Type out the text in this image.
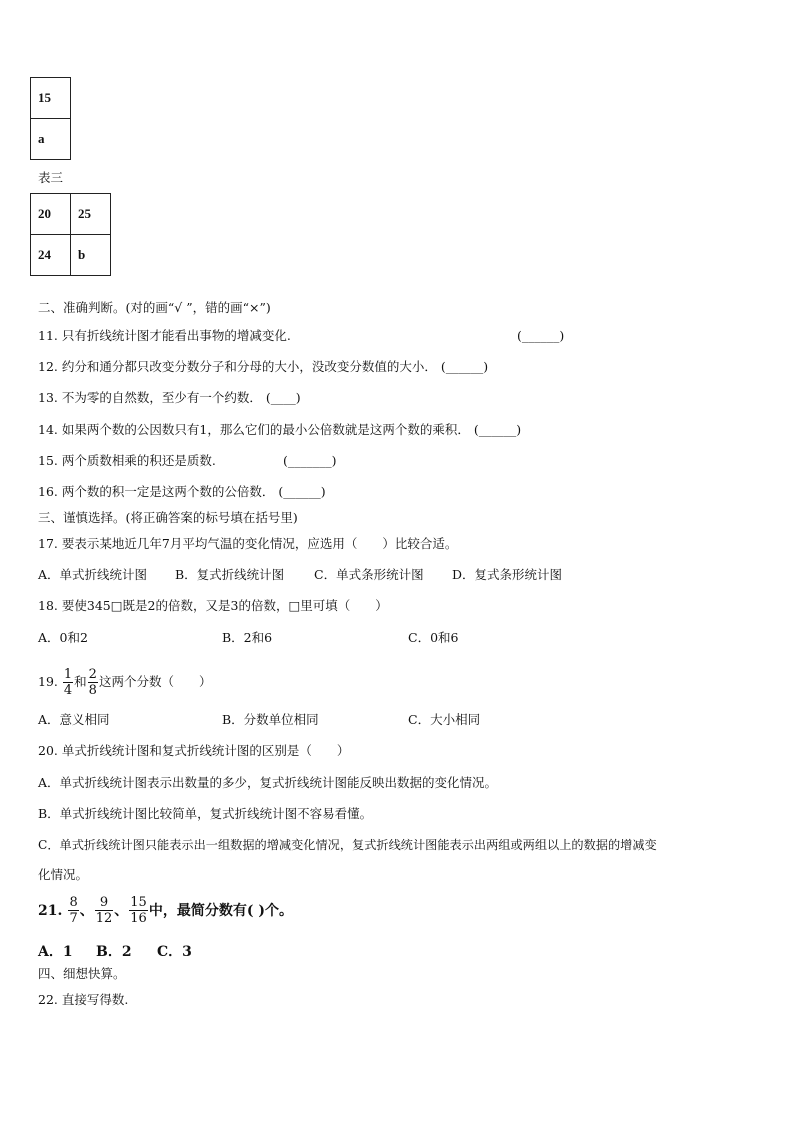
15
a
表三
20	25
24	b
二、准确判断。(对的画“√ ”，错的画“×”)
11. 只有折线统计图才能看出事物的增减变化.	(______)
12. 约分和通分都只改变分数分子和分母的大小，没改变分数值的大小． (______)
13. 不为零的自然数，至少有一个约数． (____)
14. 如果两个数的公因数只有1，那么它们的最小公倍数就是这两个数的乘积． (______)
15. 两个质数相乘的积还是质数.	(_______)
16. 两个数的积一定是这两个数的公倍数． (______)
三、谨慎选择。(将正确答案的标号填在括号里)
17. 要表示某地近几年7月平均气温的变化情况，应选用（　　）比较合适。
A．单式折线统计图 B．复式折线统计图 C．单式条形统计图 D．复式条形统计图
18. 要使345□既是2的倍数，又是3的倍数，□里可填（　　）
A．0和2	B．2和6	C．0和6
19. $\frac{1}{4}$ 和 $\frac{2}{8}$ 这两个分数（　　）
A．意义相同	B．分数单位相同	C．大小相同
20. 单式折线统计图和复式折线统计图的区别是（　　）
A．单式折线统计图表示出数量的多少，复式折线统计图能反映出数据的变化情况。
B．单式折线统计图比较简单，复式折线统计图不容易看懂。
C．单式折线统计图只能表示出一组数据的增减变化情况，复式折线统计图能表示出两组或两组以上的数据的增减变
化情况。
21. $\frac{8}{7}$ 、 $\frac{9}{12}$ 、 $\frac{15}{16}$ 中，最简分数有( )个。
A．1 B．2 C．3
四、细想快算。
22. 直接写得数.
